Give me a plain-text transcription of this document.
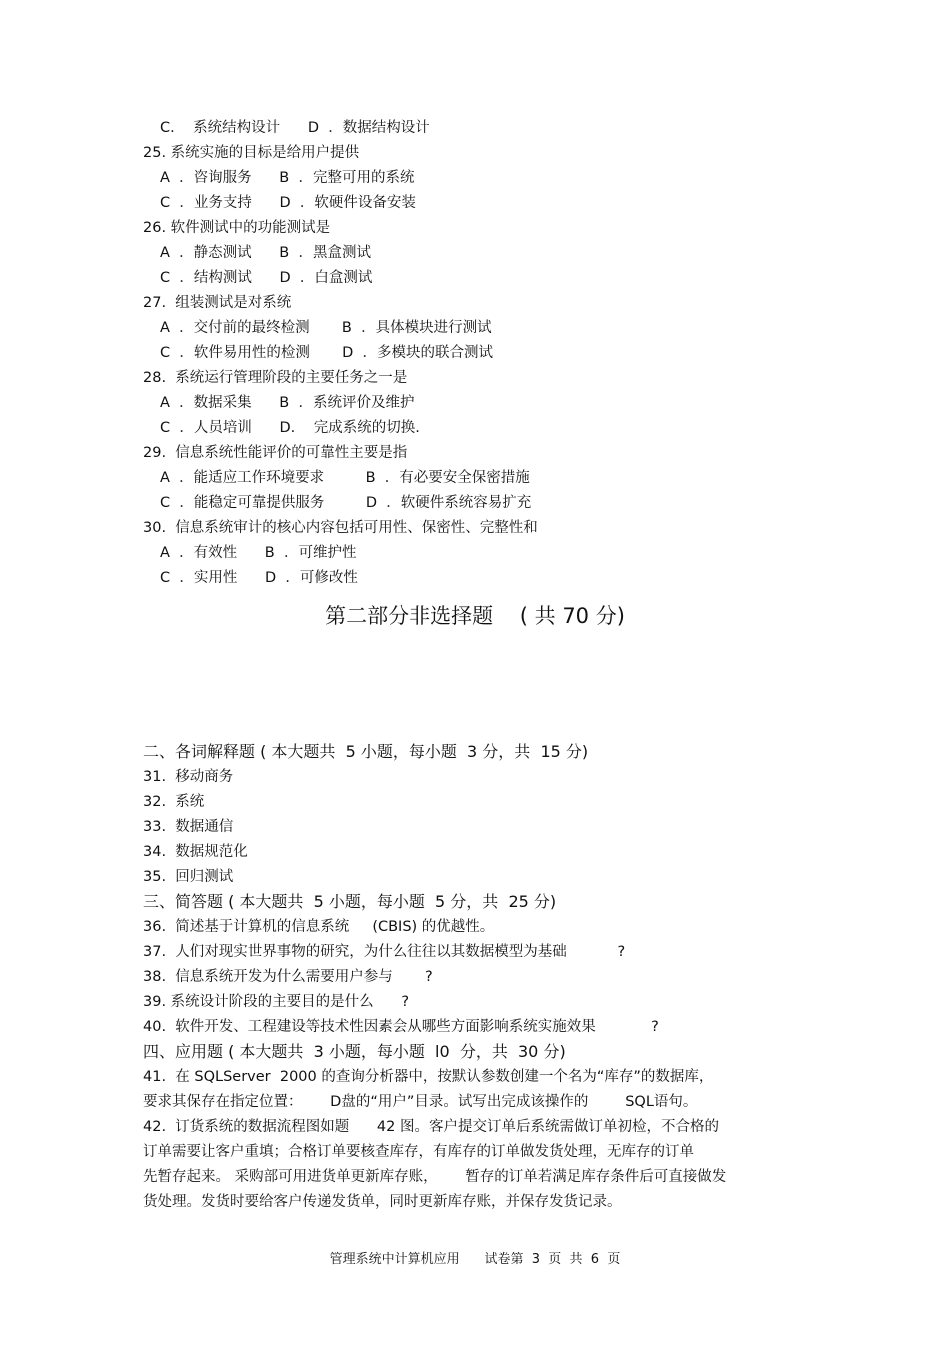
C.    系统结构设计      D  ．数据结构设计
25. 系统实施的目标是给用户提供
A  ．咨询服务      B  ．完整可用的系统
C  ．业务支持      D  ．软硬件设备安装
26. 软件测试中的功能测试是
A  ．静态测试      B  ．黑盒测试
C  ．结构测试      D  ．白盒测试
27.  组装测试是对系统
A  ．交付前的最终检测       B  ．具体模块进行测试
C  ．软件易用性的检测       D  ．多模块的联合测试
28.  系统运行管理阶段的主要任务之一是
A  ．数据采集      B  ．系统评价及维护
C  ．人员培训      D.    完成系统的切换.
29.  信息系统性能评价的可靠性主要是指
A  ．能适应工作环境要求         B  ．有必要安全保密措施
C  ．能稳定可靠提供服务         D  ．软硬件系统容易扩充
30.  信息系统审计的核心内容包括可用性、保密性、完整性和
A  ．有效性      B  ．可维护性
C  ．实用性      D  ．可修改性
第二部分非选择题    ( 共 70 分)
二、各词解释题 ( 本大题共  5 小题，每小题  3 分，共  15 分)
31.  移动商务
32.  系统
33.  数据通信
34.  数据规范化
35.  回归测试
三、简答题 ( 本大题共  5 小题，每小题  5 分，共  25 分)
36.  简述基于计算机的信息系统     (CBIS) 的优越性。
37.  人们对现实世界事物的研究，为什么往往以其数据模型为基础           ?
38.  信息系统开发为什么需要用户参与       ?
39. 系统设计阶段的主要目的是什么      ?
40.  软件开发、工程建设等技术性因素会从哪些方面影响系统实施效果            ?
四、应用题 ( 本大题共  3 小题，每小题  l0  分，共  30 分)
41.  在 SQLServer  2000 的查询分析器中，按默认参数创建一个名为“库存”的数据库，
要求其保存在指定位置：      D盘的“用户”目录。试写出完成该操作的        SQL语句。
42.  订货系统的数据流程图如题      42 图。客户提交订单后系统需做订单初检，不合格的
订单需要让客户重填；合格订单要核查库存，有库存的订单做发货处理，无库存的订单
先暂存起来。 采购部可用进货单更新库存账，      暂存的订单若满足库存条件后可直接做发
货处理。发货时要给客户传递发货单，同时更新库存账，并保存发货记录。
管理系统中计算机应用      试卷第  3  页  共  6  页
